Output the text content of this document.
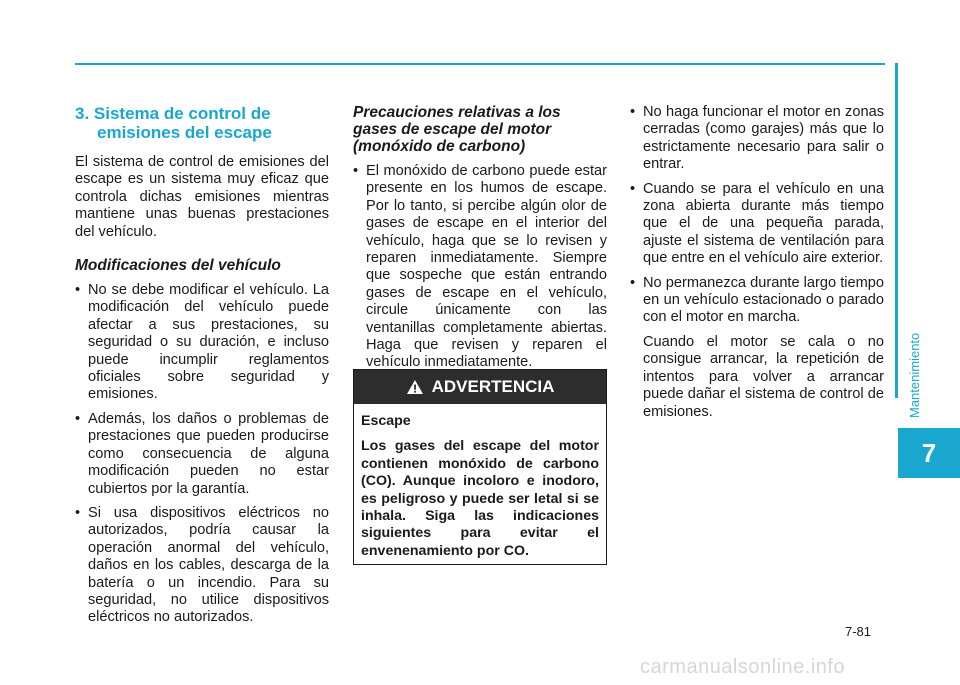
Mantenimiento
7
3. Sistema de control de emisiones del escape

El sistema de control de emisiones del escape es un sistema muy eficaz que controla dichas emisiones mientras mantiene unas buenas prestaciones del vehículo.

Modificaciones del vehículo
• No se debe modificar el vehículo. La modificación del vehículo puede afectar a sus prestaciones, su seguridad o su duración, e incluso puede incumplir reglamentos oficiales sobre seguridad y emisiones.
• Además, los daños o problemas de prestaciones que pueden producirse como consecuencia de alguna modificación pueden no estar cubiertos por la garantía.
• Si usa dispositivos eléctricos no autorizados, podría causar la operación anormal del vehículo, daños en los cables, descarga de la batería o un incendio. Para su seguridad, no utilice dispositivos eléctricos no autorizados.
Precauciones relativas a los gases de escape del motor (monóxido de carbono)
• El monóxido de carbono puede estar presente en los humos de escape. Por lo tanto, si percibe algún olor de gases de escape en el interior del vehículo, haga que se lo revisen y reparen inmediatamente. Siempre que sospeche que están entrando gases de escape en el vehículo, circule únicamente con las ventanillas completamente abiertas. Haga que revisen y reparen el vehículo inmediatamente.
ADVERTENCIA

Escape

Los gases del escape del motor contienen monóxido de carbono (CO). Aunque incoloro e inodoro, es peligroso y puede ser letal si se inhala. Siga las indicaciones siguientes para evitar el envenenamiento por CO.

• No haga funcionar el motor en zonas cerradas (como garajes) más que lo estrictamente necesario para salir o entrar.
• Cuando se para el vehículo en una zona abierta durante más tiempo que el de una pequeña parada, ajuste el sistema de ventilación para que entre en el vehículo aire exterior.
• No permanezca durante largo tiempo en un vehículo estacionado o parado con el motor en marcha.

Cuando el motor se cala o no consigue arrancar, la repetición de intentos para volver a arrancar puede dañar el sistema de control de emisiones.

7-81
carmanualsonline.info
